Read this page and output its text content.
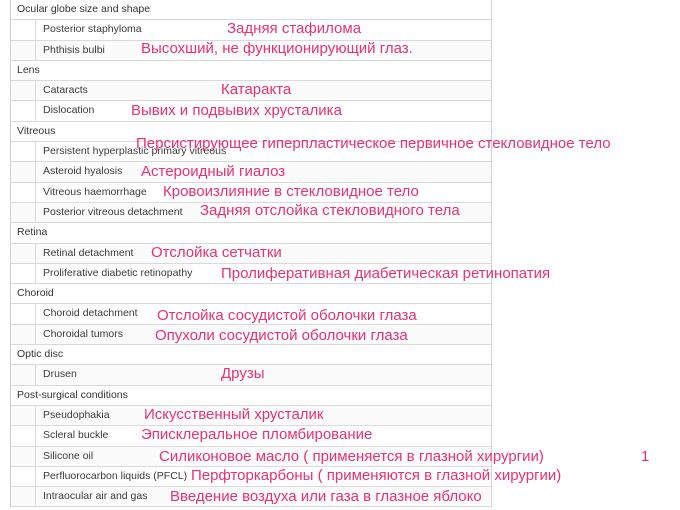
Ocular globe size and shape
Posterior staphyloma
Phthisis bulbi
Lens
Cataracts
Dislocation
Vitreous
Persistent hyperplastic primary vitreous
Asteroid hyalosis
Vitreous haemorrhage
Posterior vitreous detachment
Retina
Retinal detachment
Proliferative diabetic retinopathy
Choroid
Choroid detachment
Choroidal tumors
Optic disc
Drusen
Post-surgical conditions
Pseudophakia
Scleral buckle
Silicone oil
Perfluorocarbon liquids (PFCL)
Intraocular air and gas
Задняя стафилома
Высохший, не функционирующий глаз.
Катаракта
Вывих и подвывих хрусталика
Персистирующее гиперпластическое первичное стекловидное тело
Астероидный гиалоз
Кровоизлияние в стекловидное тело
Задняя отслойка стекловидного тела
Отслойка сетчатки
Пролиферативная диабетическая ретинопатия
Отслойка сосудистой оболочки глаза
Опухоли сосудистой оболочки глаза
Друзы
Искусственный хрусталик
Эписклеральное пломбирование
Силиконовое масло ( применяется в глазной хирургии)
Перфторкарбоны ( применяются в глазной хирургии)
Введение воздуха или газа в глазное яблоко
1
